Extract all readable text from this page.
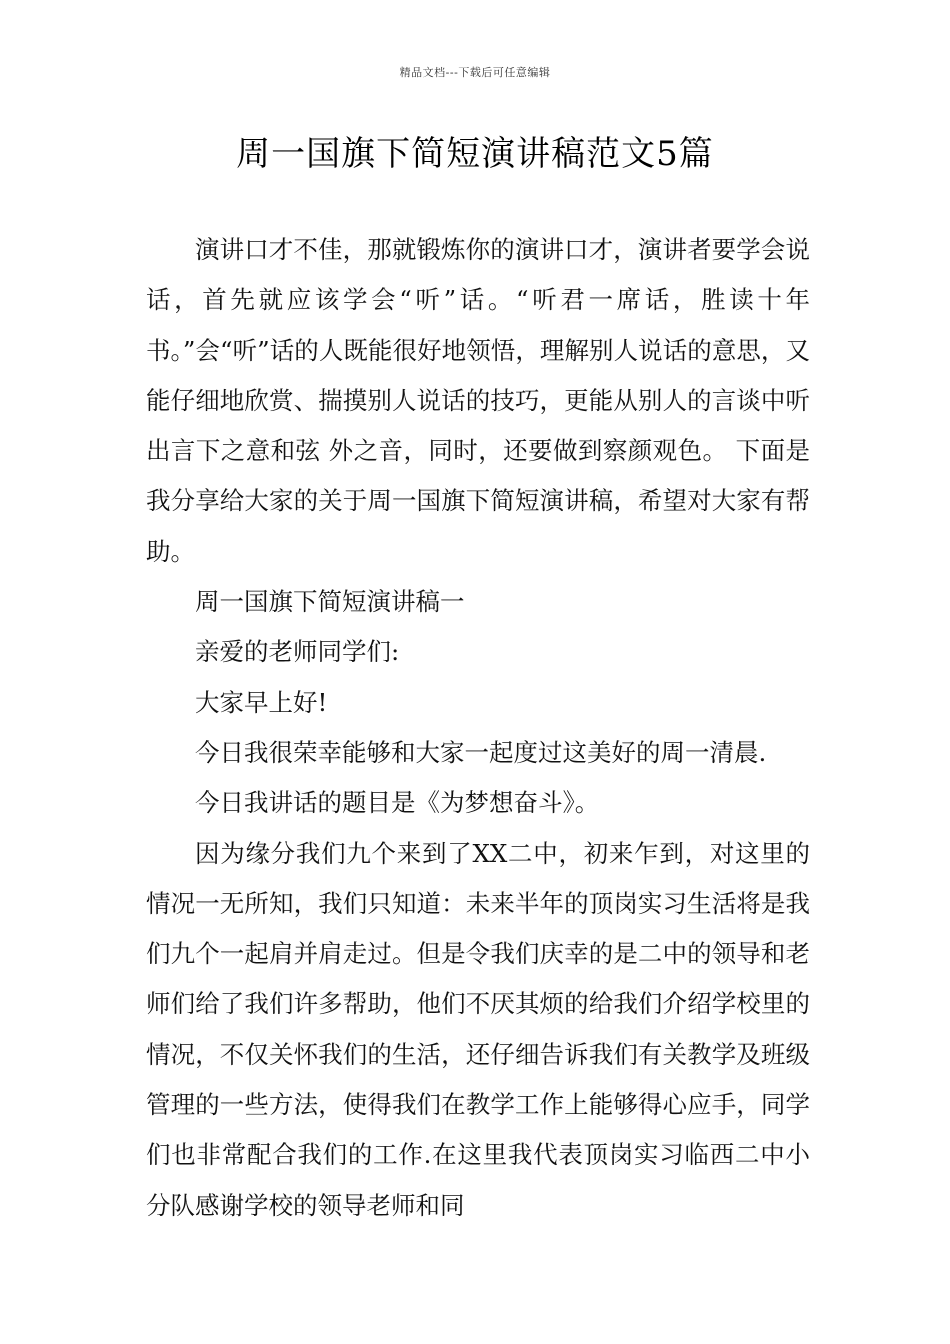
精品文档---下载后可任意编辑
周一国旗下简短演讲稿范文5篇

演讲口才不佳，那就锻炼你的演讲口才，演讲者要学会说话，首先就应该学会“听”话。“听君一席话，胜读十年书。”会“听”话的人既能很好地领悟，理解别人说话的意思，又能仔细地欣赏、揣摸别人说话的技巧，更能从别人的言谈中听出言下之意和弦 外之音，同时，还要做到察颜观色。 下面是我分享给大家的关于周一国旗下简短演讲稿，希望对大家有帮助。

周一国旗下简短演讲稿一

亲爱的老师同学们:

大家早上好!

今日我很荣幸能够和大家一起度过这美好的周一清晨.

今日我讲话的题目是《为梦想奋斗》。

因为缘分我们九个来到了XX二中，初来乍到，对这里的情况一无所知，我们只知道：未来半年的顶岗实习生活将是我们九个一起肩并肩走过。但是令我们庆幸的是二中的领导和老师们给了我们许多帮助，他们不厌其烦的给我们介绍学校里的情况，不仅关怀我们的生活，还仔细告诉我们有关教学及班级管理的一些方法，使得我们在教学工作上能够得心应手，同学们也非常配合我们的工作.在这里我代表顶岗实习临西二中小分队感谢学校的领导老师和同
